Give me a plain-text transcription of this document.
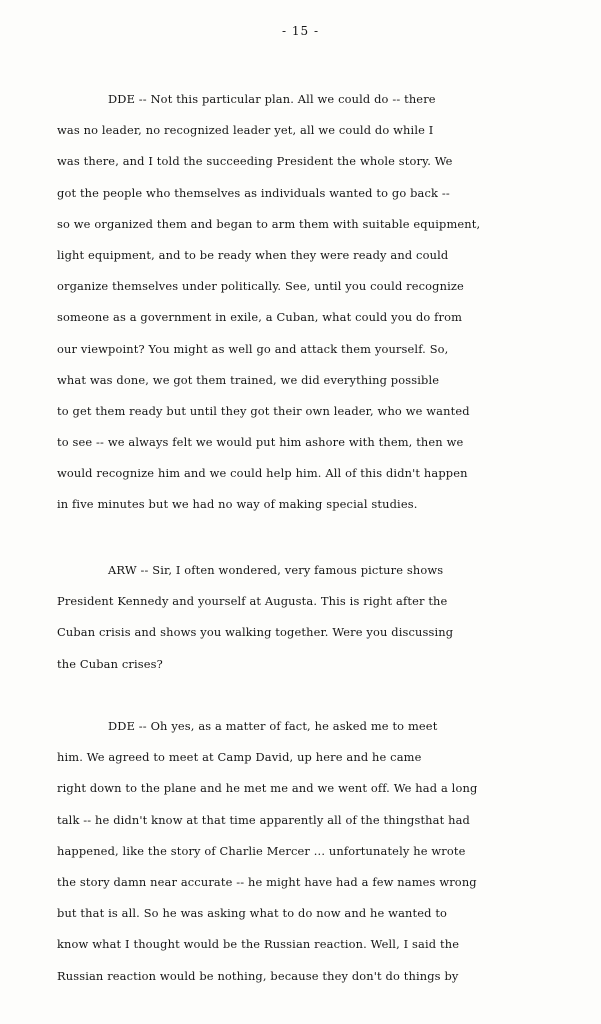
- 15 -
DDE -- Not this particular plan. All we could do -- there
was no leader, no recognized leader yet, all we could do while I
was there, and I told the succeeding President the whole story. We
got the people who themselves as individuals wanted to go back --
so we organized them and began to arm them with suitable equipment,
light equipment, and to be ready when they were ready and could
organize themselves under politically. See, until you could recognize
someone as a government in exile, a Cuban, what could you do from
our viewpoint? You might as well go and attack them yourself. So,
what was done, we got them trained, we did everything possible
to get them ready but until they got their own leader, who we wanted
to see -- we always felt we would put him ashore with them, then we
would recognize him and we could help him. All of this didn't happen
in five minutes but we had no way of making special studies.
ARW -- Sir, I often wondered, very famous picture shows
President Kennedy and yourself at Augusta. This is right after the
Cuban crisis and shows you walking together. Were you discussing
the Cuban crises?
DDE -- Oh yes, as a matter of fact, he asked me to meet
him. We agreed to meet at Camp David, up here and he came
right down to the plane and he met me and we went off. We had a long
talk -- he didn't know at that time apparently all of the thingsthat had
happened, like the story of Charlie Mercer ... unfortunately he wrote
the story damn near accurate -- he might have had a few names wrong
but that is all. So he was asking what to do now and he wanted to
know what I thought would be the Russian reaction. Well, I said the
Russian reaction would be nothing, because they don't do things by
